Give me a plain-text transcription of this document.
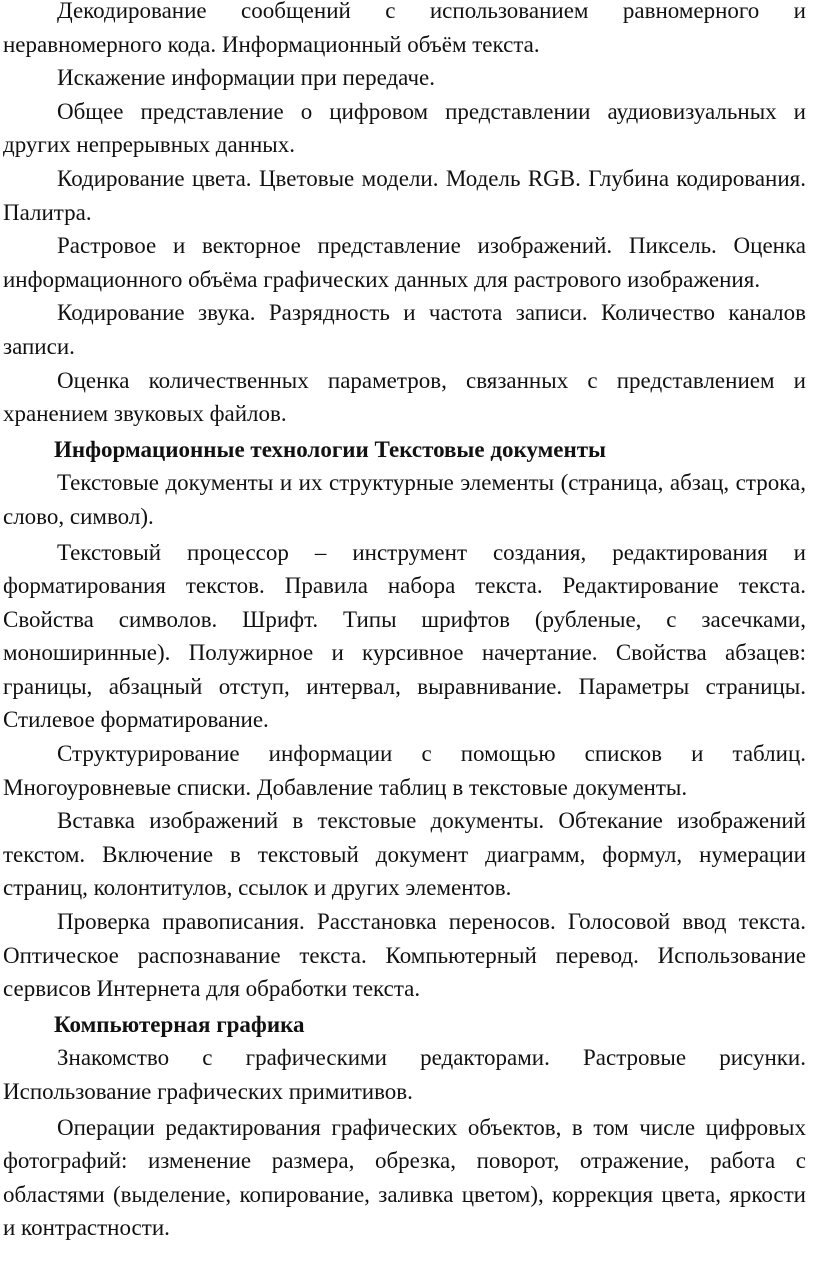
Декодирование сообщений с использованием равномерного и неравномерного кода. Информационный объём текста.

Искажение информации при передаче.

Общее представление о цифровом представлении аудиовизуальных и других непрерывных данных.

Кодирование цвета. Цветовые модели. Модель RGB. Глубина кодирования. Палитра.

Растровое и векторное представление изображений. Пиксель. Оценка информационного объёма графических данных для растрового изображения.

Кодирование звука. Разрядность и частота записи. Количество каналов записи.

Оценка количественных параметров, связанных с представлением и хранением звуковых файлов.

Информационные технологии Текстовые документы

Текстовые документы и их структурные элементы (страница, абзац, строка, слово, символ).

Текстовый процессор – инструмент создания, редактирования и форматирования текстов. Правила набора текста. Редактирование текста. Свойства символов. Шрифт. Типы шрифтов (рубленые, с засечками, моноширинные). Полужирное и курсивное начертание. Свойства абзацев: границы, абзацный отступ, интервал, выравнивание. Параметры страницы. Стилевое форматирование.

Структурирование информации с помощью списков и таблиц. Многоуровневые списки. Добавление таблиц в текстовые документы.

Вставка изображений в текстовые документы. Обтекание изображений текстом. Включение в текстовый документ диаграмм, формул, нумерации страниц, колонтитулов, ссылок и других элементов.

Проверка правописания. Расстановка переносов. Голосовой ввод текста. Оптическое распознавание текста. Компьютерный перевод. Использование сервисов Интернета для обработки текста.

Компьютерная графика

Знакомство с графическими редакторами. Растровые рисунки. Использование графических примитивов.

Операции редактирования графических объектов, в том числе цифровых фотографий: изменение размера, обрезка, поворот, отражение, работа с областями (выделение, копирование, заливка цветом), коррекция цвета, яркости и контрастности.
